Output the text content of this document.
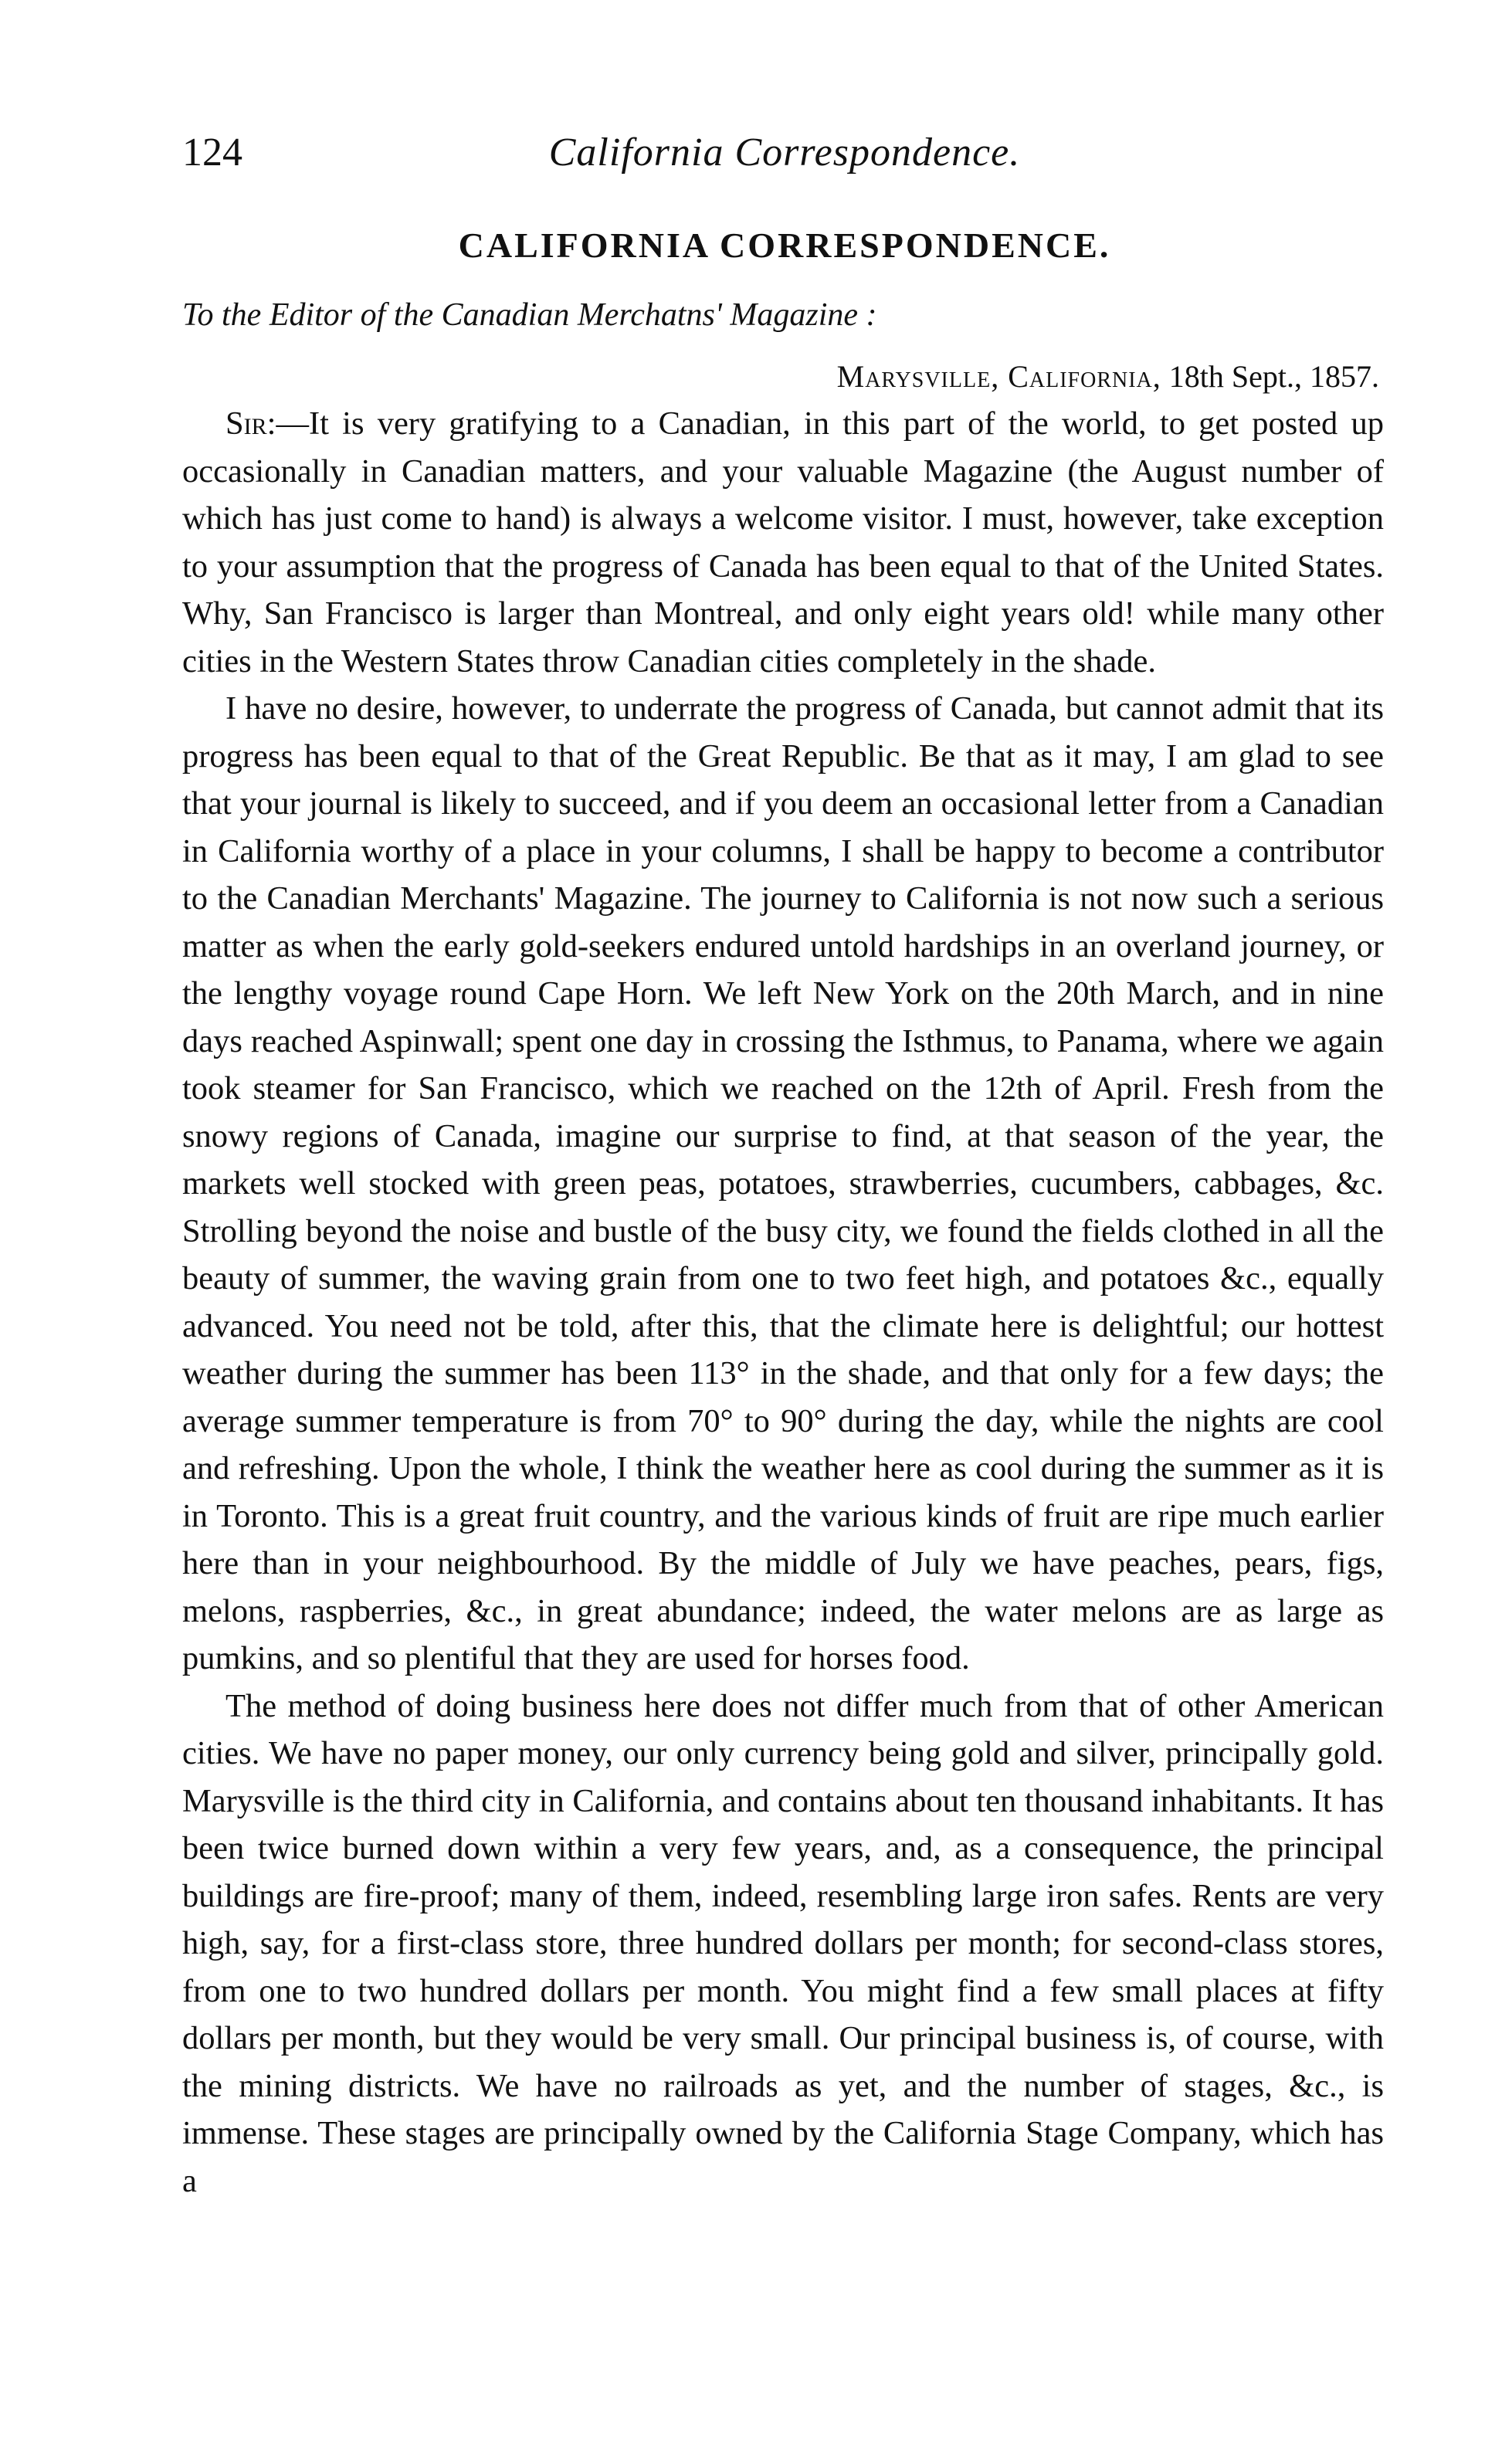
124	California Correspondence.
CALIFORNIA CORRESPONDENCE.
To the Editor of the Canadian Merchatns' Magazine :
Marysville, California, 18th Sept., 1857.

Sir:—It is very gratifying to a Canadian, in this part of the world, to get posted up occasionally in Canadian matters, and your valuable Magazine (the August number of which has just come to hand) is always a welcome visitor. I must, however, take exception to your assumption that the progress of Canada has been equal to that of the United States. Why, San Francisco is larger than Montreal, and only eight years old! while many other cities in the Western States throw Canadian cities completely in the shade.

I have no desire, however, to underrate the progress of Canada, but cannot admit that its progress has been equal to that of the Great Republic. Be that as it may, I am glad to see that your journal is likely to succeed, and if you deem an occasional letter from a Canadian in California worthy of a place in your columns, I shall be happy to become a contributor to the Canadian Merchants' Magazine. The journey to California is not now such a serious matter as when the early gold-seekers endured untold hardships in an overland journey, or the lengthy voyage round Cape Horn. We left New York on the 20th March, and in nine days reached Aspinwall; spent one day in crossing the Isthmus, to Panama, where we again took steamer for San Francisco, which we reached on the 12th of April. Fresh from the snowy regions of Canada, imagine our surprise to find, at that season of the year, the markets well stocked with green peas, potatoes, strawberries, cucumbers, cabbages, &c. Strolling beyond the noise and bustle of the busy city, we found the fields clothed in all the beauty of summer, the waving grain from one to two feet high, and potatoes &c., equally advanced. You need not be told, after this, that the climate here is delightful; our hottest weather during the summer has been 113° in the shade, and that only for a few days; the average summer temperature is from 70° to 90° during the day, while the nights are cool and refreshing. Upon the whole, I think the weather here as cool during the summer as it is in Toronto. This is a great fruit country, and the various kinds of fruit are ripe much earlier here than in your neighbourhood. By the middle of July we have peaches, pears, figs, melons, raspberries, &c., in great abundance; indeed, the water melons are as large as pumkins, and so plentiful that they are used for horses food.

The method of doing business here does not differ much from that of other American cities. We have no paper money, our only currency being gold and silver, principally gold. Marysville is the third city in California, and contains about ten thousand inhabitants. It has been twice burned down within a very few years, and, as a consequence, the principal buildings are fire-proof; many of them, indeed, resembling large iron safes. Rents are very high, say, for a first-class store, three hundred dollars per month; for second-class stores, from one to two hundred dollars per month. You might find a few small places at fifty dollars per month, but they would be very small. Our principal business is, of course, with the mining districts. We have no railroads as yet, and the number of stages, &c., is immense. These stages are principally owned by the California Stage Company, which has a
